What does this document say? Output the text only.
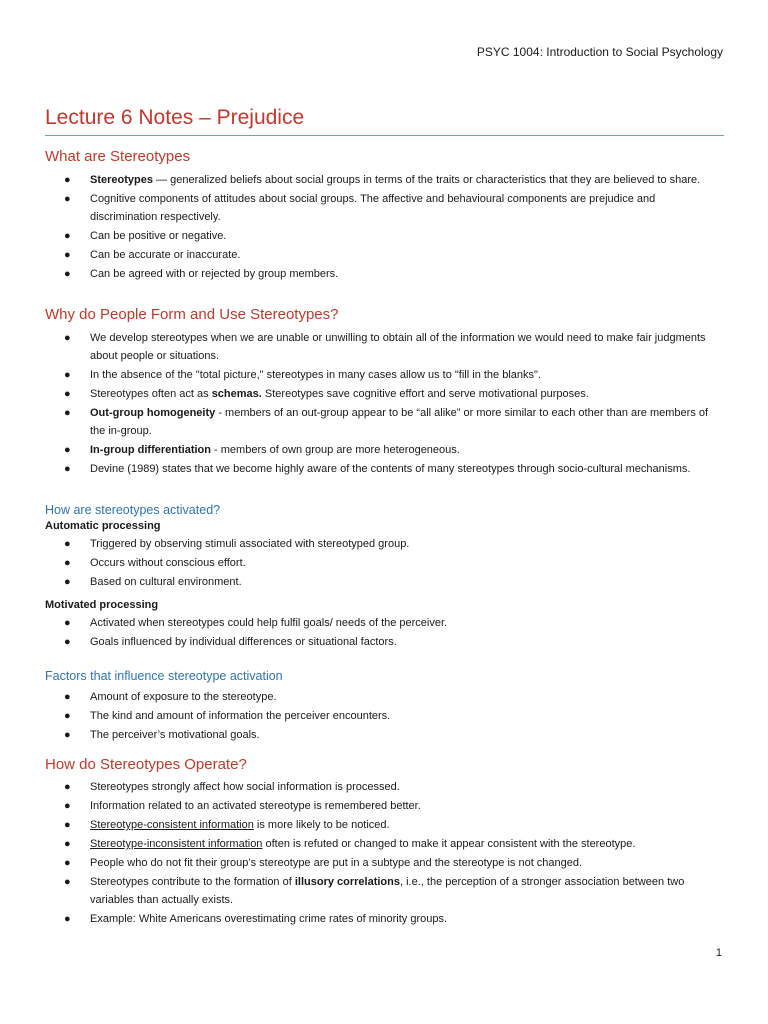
PSYC 1004: Introduction to Social Psychology
Lecture 6 Notes – Prejudice
What are Stereotypes
● Stereotypes — generalized beliefs about social groups in terms of the traits or characteristics that they are believed to share.
● Cognitive components of attitudes about social groups. The affective and behavioural components are prejudice and discrimination respectively.
● Can be positive or negative.
● Can be accurate or inaccurate.
● Can be agreed with or rejected by group members.
Why do People Form and Use Stereotypes?
● We develop stereotypes when we are unable or unwilling to obtain all of the information we would need to make fair judgments about people or situations.
● In the absence of the "total picture," stereotypes in many cases allow us to "fill in the blanks".
● Stereotypes often act as schemas. Stereotypes save cognitive effort and serve motivational purposes.
● Out-group homogeneity - members of an out-group appear to be “all alike” or more similar to each other than are members of the in-group.
● In-group differentiation - members of own group are more heterogeneous.
● Devine (1989) states that we become highly aware of the contents of many stereotypes through socio-cultural mechanisms.
How are stereotypes activated?
Automatic processing
● Triggered by observing stimuli associated with stereotyped group.
● Occurs without conscious effort.
● Based on cultural environment.
Motivated processing
● Activated when stereotypes could help fulfil goals/ needs of the perceiver.
● Goals influenced by individual differences or situational factors.
Factors that influence stereotype activation
● Amount of exposure to the stereotype.
● The kind and amount of information the perceiver encounters.
● The perceiver’s motivational goals.
How do Stereotypes Operate?
● Stereotypes strongly affect how social information is processed.
● Information related to an activated stereotype is remembered better.
● Stereotype-consistent information is more likely to be noticed.
● Stereotype-inconsistent information often is refuted or changed to make it appear consistent with the stereotype.
● People who do not fit their group’s stereotype are put in a subtype and the stereotype is not changed.
● Stereotypes contribute to the formation of illusory correlations, i.e., the perception of a stronger association between two variables than actually exists.
● Example: White Americans overestimating crime rates of minority groups.
1
